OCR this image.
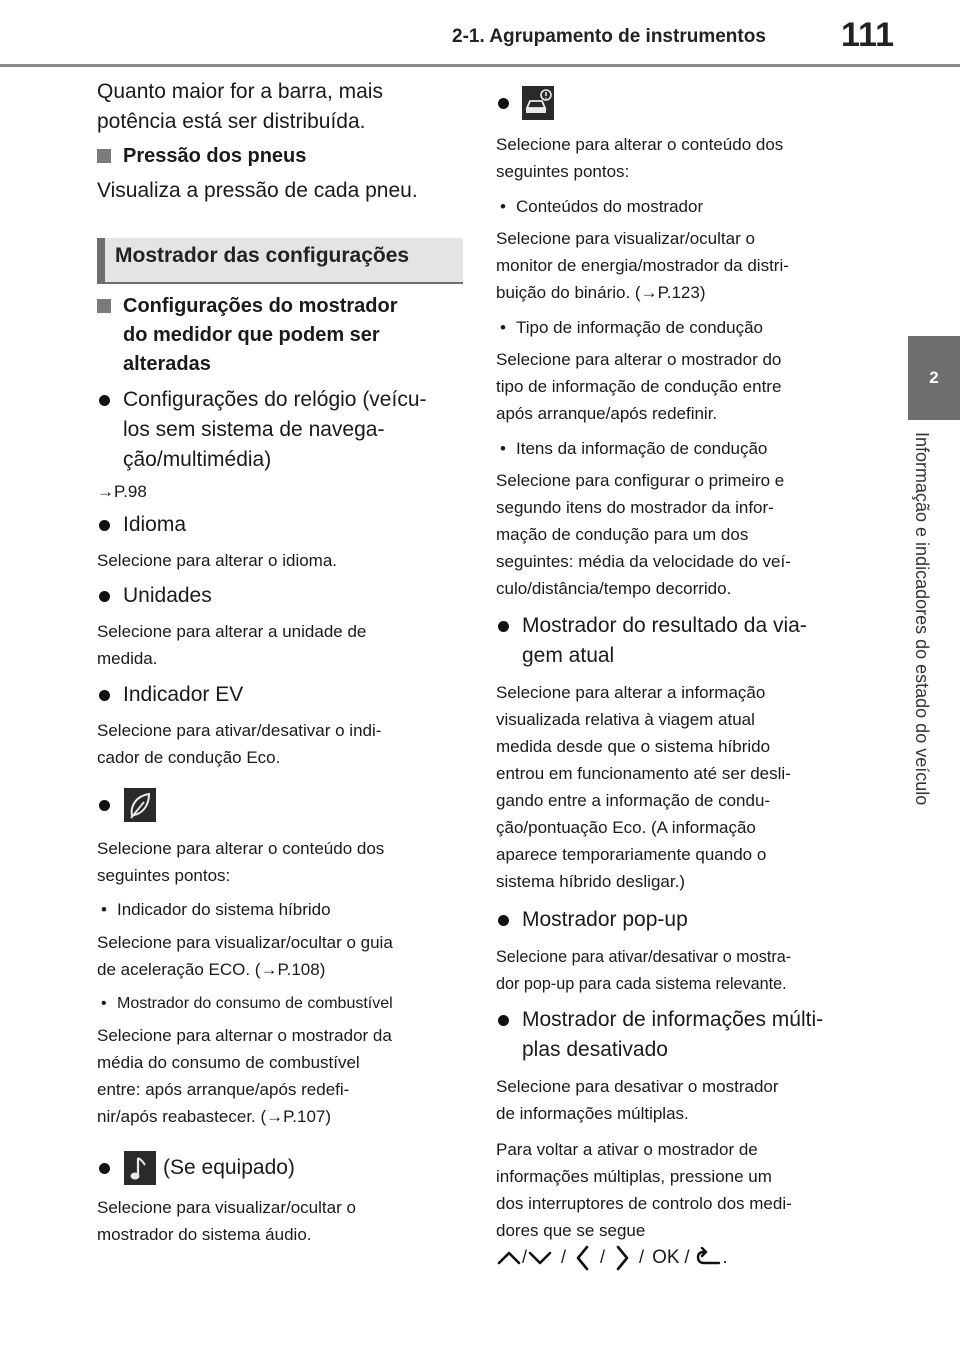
2-1. Agrupamento de instrumentos 111
2
Informação e indicadores do estado do veículo
Quanto maior for a barra, mais
potência está ser distribuída.
Pressão dos pneus
Visualiza a pressão de cada pneu.
Mostrador das configurações
Configurações do mostrador
do medidor que podem ser
alteradas
Configurações do relógio (veícu-
los sem sistema de navega-
ção/multimédia)
→P.98
Idioma
Selecione para alterar o idioma.
Unidades
Selecione para alterar a unidade de
medida.
Indicador EV
Selecione para ativar/desativar o indi-
cador de condução Eco.
Selecione para alterar o conteúdo dos
seguintes pontos:
• Indicador do sistema híbrido
Selecione para visualizar/ocultar o guia
de aceleração ECO. (→P.108)
• Mostrador do consumo de combustível
Selecione para alternar o mostrador da
média do consumo de combustível
entre: após arranque/após redefi-
nir/após reabastecer. (→P.107)
(Se equipado)
Selecione para visualizar/ocultar o
mostrador do sistema áudio.
Selecione para alterar o conteúdo dos
seguintes pontos:
• Conteúdos do mostrador
Selecione para visualizar/ocultar o
monitor de energia/mostrador da distri-
buição do binário. (→P.123)
• Tipo de informação de condução
Selecione para alterar o mostrador do
tipo de informação de condução entre
após arranque/após redefinir.
• Itens da informação de condução
Selecione para configurar o primeiro e
segundo itens do mostrador da infor-
mação de condução para um dos
seguintes: média da velocidade do veí-
culo/distância/tempo decorrido.
Mostrador do resultado da via-
gem atual
Selecione para alterar a informação
visualizada relativa à viagem atual
medida desde que o sistema híbrido
entrou em funcionamento até ser desli-
gando entre a informação de condu-
ção/pontuação Eco. (A informação
aparece temporariamente quando o
sistema híbrido desligar.)
Mostrador pop-up
Selecione para ativar/desativar o mostra-
dor pop-up para cada sistema relevante.
Mostrador de informações múlti-
plas desativado
Selecione para desativar o mostrador
de informações múltiplas.
Para voltar a ativar o mostrador de
informações múltiplas, pressione um
dos interruptores de controlo dos medi-
dores que se segue
/ / / / OK / .
